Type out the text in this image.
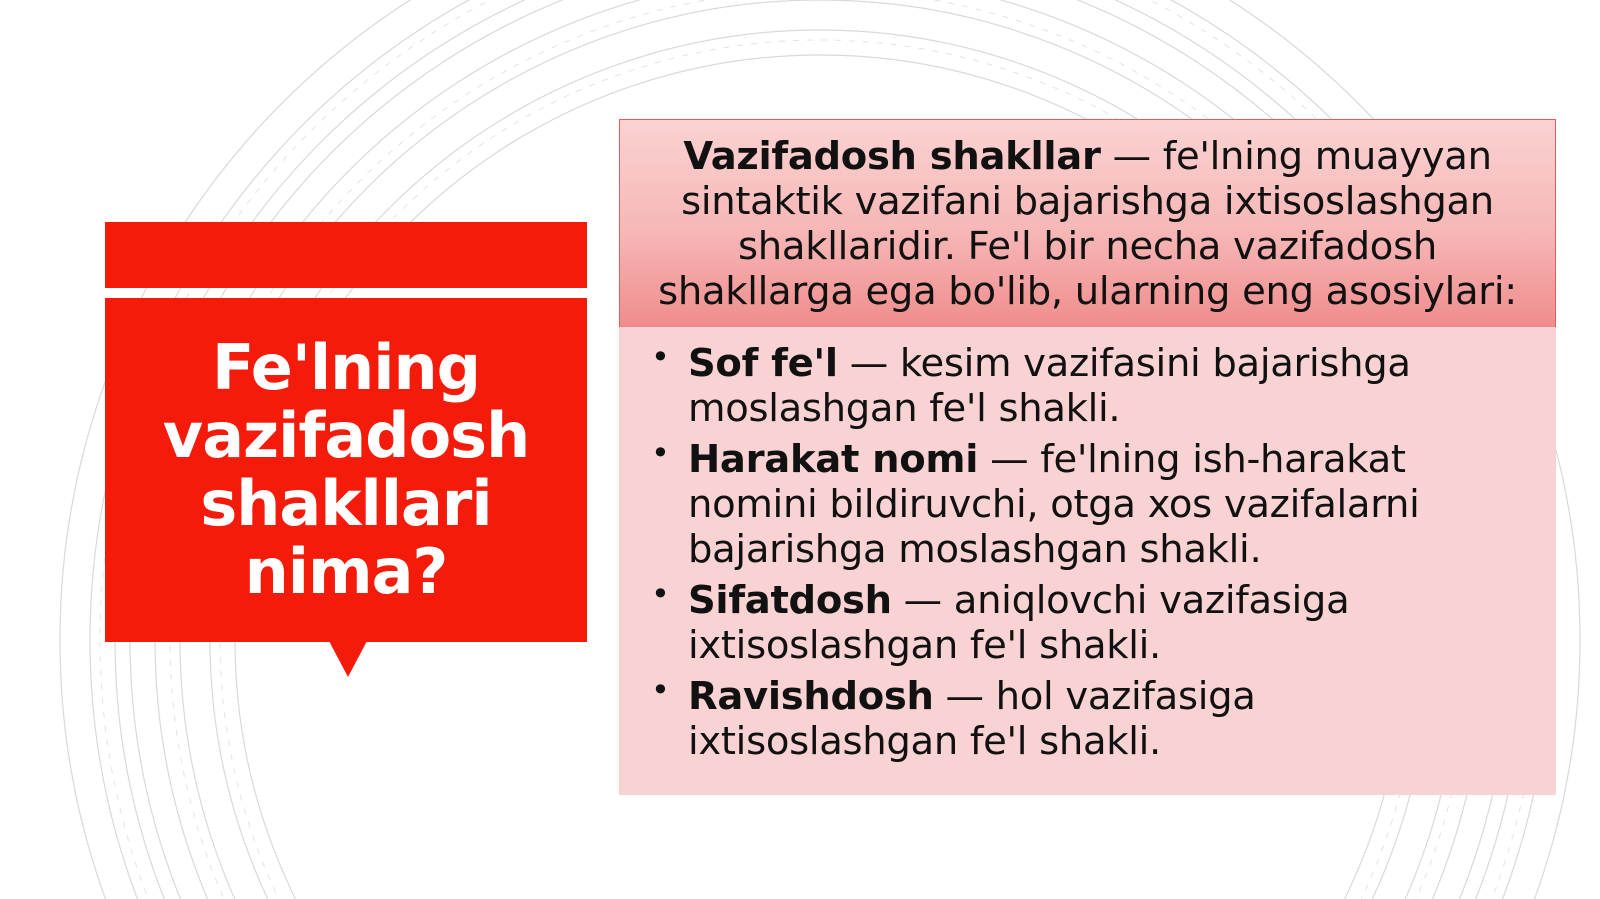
Fe'lning
vazifadosh
shakllari
nima?

Vazifadosh shakllar — fe'lning muayyan sintaktik vazifani bajarishga ixtisoslashgan shakllaridir. Fe'l bir necha vazifadosh shakllarga ega bo'lib, ularning eng asosiylari:

• Sof fe'l — kesim vazifasini bajarishga moslashgan fe'l shakli.
• Harakat nomi — fe'lning ish-harakat nomini bildiruvchi, otga xos vazifalarni bajarishga moslashgan shakli.
• Sifatdosh — aniqlovchi vazifasiga ixtisoslashgan fe'l shakli.
• Ravishdosh — hol vazifasiga ixtisoslashgan fe'l shakli.
